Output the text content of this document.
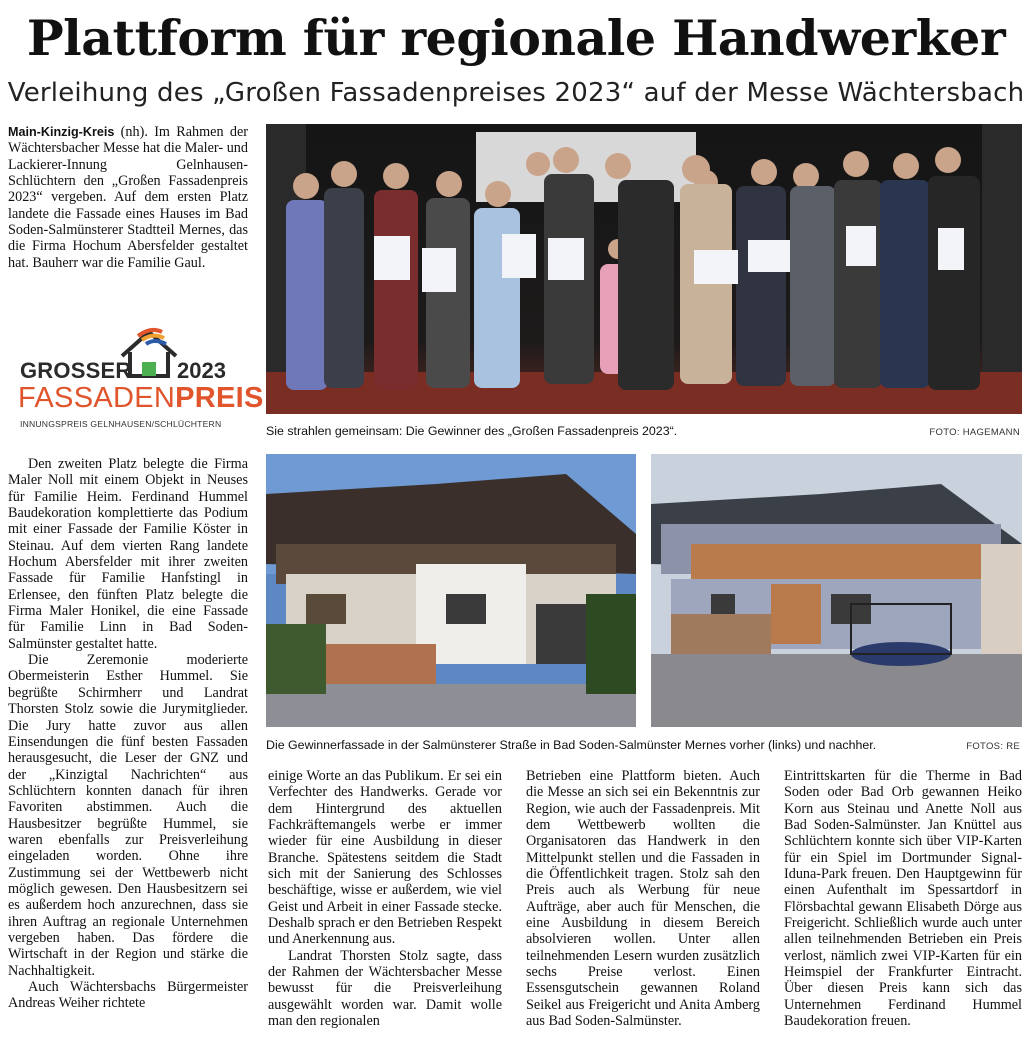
Plattform für regionale Handwerker
Verleihung des „Großen Fassadenpreises 2023“ auf der Messe Wächtersbach

Main-Kinzig-Kreis (nh). Im Rahmen der Wächtersbacher Messe hat die Maler- und Lackierer-Innung Gelnhausen-Schlüchtern den „Großen Fassadenpreis 2023“ vergeben. Auf dem ersten Platz landete die Fassade eines Hauses im Bad Soden-Salmünsterer Stadtteil Mernes, das die Firma Hochum Abersfelder gestaltet hat. Bauherr war die Familie Gaul.

GROSSER 2023
FASSADENPREIS
INNUNGSPREIS GELNHAUSEN/SCHLÜCHTERN	Sie strahlen gemeinsam: Die Gewinner des „Großen Fassadenpreis 2023“.	FOTO: HAGEMANN
Die Gewinnerfassade in der Salmünsterer Straße in Bad Soden-Salmünster Mernes vorher (links) und nachher.	FOTOS: RE

Den zweiten Platz belegte die Firma Maler Noll mit einem Objekt in Neuses für Familie Heim. Ferdinand Hummel Baudekoration komplettierte das Podium mit einer Fassade der Familie Köster in Steinau. Auf dem vierten Rang landete Hochum Abersfelder mit ihrer zweiten Fassade für Familie Hanfstingl in Erlensee, den fünften Platz belegte die Firma Maler Honikel, die eine Fassade für Familie Linn in Bad Soden-Salmünster gestaltet hatte.

Die Zeremonie moderierte Obermeisterin Esther Hummel. Sie begrüßte Schirmherr und Landrat Thorsten Stolz sowie die Jurymitglieder. Die Jury hatte zuvor aus allen Einsendungen die fünf besten Fassaden herausgesucht, die Leser der GNZ und der „Kinzigtal Nachrichten“ aus Schlüchtern konnten danach für ihren Favoriten abstimmen. Auch die Hausbesitzer begrüßte Hummel, sie waren ebenfalls zur Preisverleihung eingeladen worden. Ohne ihre Zustimmung sei der Wettbewerb nicht möglich gewesen. Den Hausbesitzern sei es außerdem hoch anzurechnen, dass sie ihren Auftrag an regionale Unternehmen vergeben haben. Das fördere die Wirtschaft in der Region und stärke die Nachhaltigkeit.

Auch Wächtersbachs Bürgermeister Andreas Weiher richtete

einige Worte an das Publikum. Er sei ein Verfechter des Handwerks. Gerade vor dem Hintergrund des aktuellen Fachkräftemangels werbe er immer wieder für eine Ausbildung in dieser Branche. Spätestens seitdem die Stadt sich mit der Sanierung des Schlosses beschäftige, wisse er außerdem, wie viel Geist und Arbeit in einer Fassade stecke. Deshalb sprach er den Betrieben Respekt und Anerkennung aus.

Landrat Thorsten Stolz sagte, dass der Rahmen der Wächtersbacher Messe bewusst für die Preisverleihung ausgewählt worden war. Damit wolle man den regionalen

Betrieben eine Plattform bieten. Auch die Messe an sich sei ein Bekenntnis zur Region, wie auch der Fassadenpreis. Mit dem Wettbewerb wollten die Organisatoren das Handwerk in den Mittelpunkt stellen und die Fassaden in die Öffentlichkeit tragen. Stolz sah den Preis auch als Werbung für neue Aufträge, aber auch für Menschen, die eine Ausbildung in diesem Bereich absolvieren wollen. Unter allen teilnehmenden Lesern wurden zusätzlich sechs Preise verlost. Einen Essensgutschein gewannen Roland Seikel aus Freigericht und Anita Amberg aus Bad Soden-Salmünster.

Eintrittskarten für die Therme in Bad Soden oder Bad Orb gewannen Heiko Korn aus Steinau und Anette Noll aus Bad Soden-Salmünster. Jan Knüttel aus Schlüchtern konnte sich über VIP-Karten für ein Spiel im Dortmunder Signal-Iduna-Park freuen. Den Hauptgewinn für einen Aufenthalt im Spessartdorf in Flörsbachtal gewann Elisabeth Dörge aus Freigericht. Schließlich wurde auch unter allen teilnehmenden Betrieben ein Preis verlost, nämlich zwei VIP-Karten für ein Heimspiel der Frankfurter Eintracht. Über diesen Preis kann sich das Unternehmen Ferdinand Hummel Baudekoration freuen.
